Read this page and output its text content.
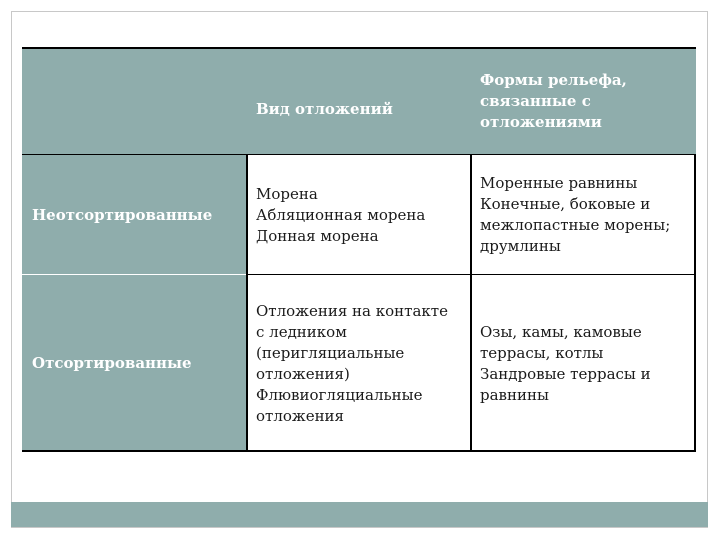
Вид отложений
Формы рельефа,
связанные с
отложениями
Неотсортированные
Морена
Абляционная морена
Донная морена
Моренные равнины
Конечные, боковые и
межлопастные морены;
друмлины
Отсортированные
Отложения на контакте
с ледником
(перигляциальные
отложения)
Флювиогляциальные
отложения
Озы, камы, камовые
террасы, котлы
Зандровые террасы и
равнины
